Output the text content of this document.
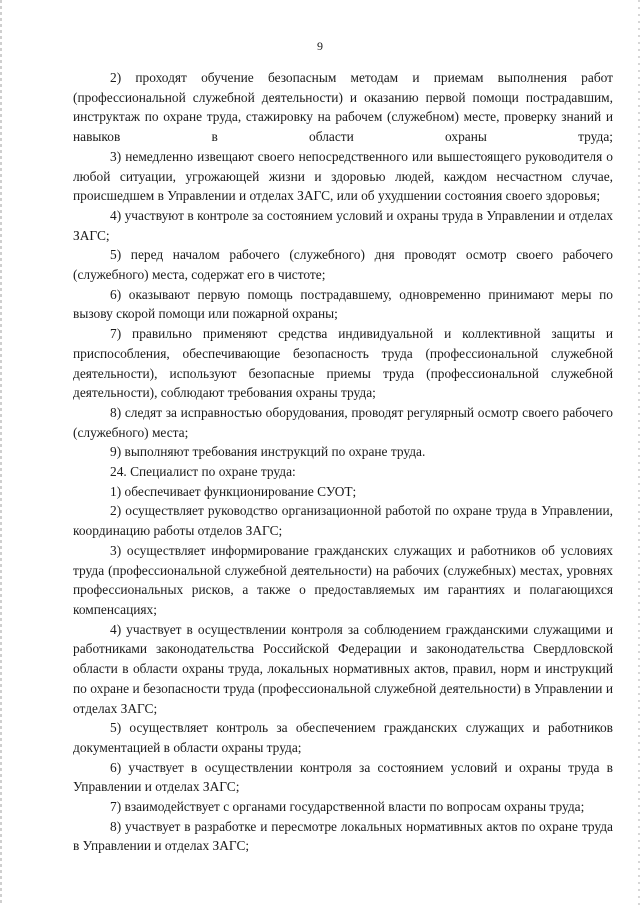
9

2) проходят обучение безопасным методам и приемам выполнения работ (профессиональной служебной деятельности) и оказанию первой помощи пострадавшим, инструктаж по охране труда, стажировку на рабочем (служебном) месте, проверку знаний и навыков в области охраны труда;

3) немедленно извещают своего непосредственного или вышестоящего руководителя о любой ситуации, угрожающей жизни и здоровью людей, каждом несчастном случае, происшедшем в Управлении и отделах ЗАГС, или об ухудшении состояния своего здоровья;

4) участвуют в контроле за состоянием условий и охраны труда в Управлении и отделах ЗАГС;

5) перед началом рабочего (служебного) дня проводят осмотр своего рабочего (служебного) места, содержат его в чистоте;

6) оказывают первую помощь пострадавшему, одновременно принимают меры по вызову скорой помощи или пожарной охраны;

7) правильно применяют средства индивидуальной и коллективной защиты и приспособления, обеспечивающие безопасность труда (профессиональной служебной деятельности), используют безопасные приемы труда (профессиональной служебной деятельности), соблюдают требования охраны труда;

8) следят за исправностью оборудования, проводят регулярный осмотр своего рабочего (служебного) места;

9) выполняют требования инструкций по охране труда.

24. Специалист по охране труда:

1) обеспечивает функционирование СУОТ;

2) осуществляет руководство организационной работой по охране труда в Управлении, координацию работы отделов ЗАГС;

3) осуществляет информирование гражданских служащих и работников об условиях труда (профессиональной служебной деятельности) на рабочих (служебных) местах, уровнях профессиональных рисков, а также о предоставляемых им гарантиях и полагающихся компенсациях;

4) участвует в осуществлении контроля за соблюдением гражданскими служащими и работниками законодательства Российской Федерации и законодательства Свердловской области в области охраны труда, локальных нормативных актов, правил, норм и инструкций по охране и безопасности труда (профессиональной служебной деятельности) в Управлении и отделах ЗАГС;

5) осуществляет контроль за обеспечением гражданских служащих и работников документацией в области охраны труда;

6) участвует в осуществлении контроля за состоянием условий и охраны труда в Управлении и отделах ЗАГС;

7) взаимодействует с органами государственной власти по вопросам охраны труда;

8) участвует в разработке и пересмотре локальных нормативных актов по охране труда в Управлении и отделах ЗАГС;
